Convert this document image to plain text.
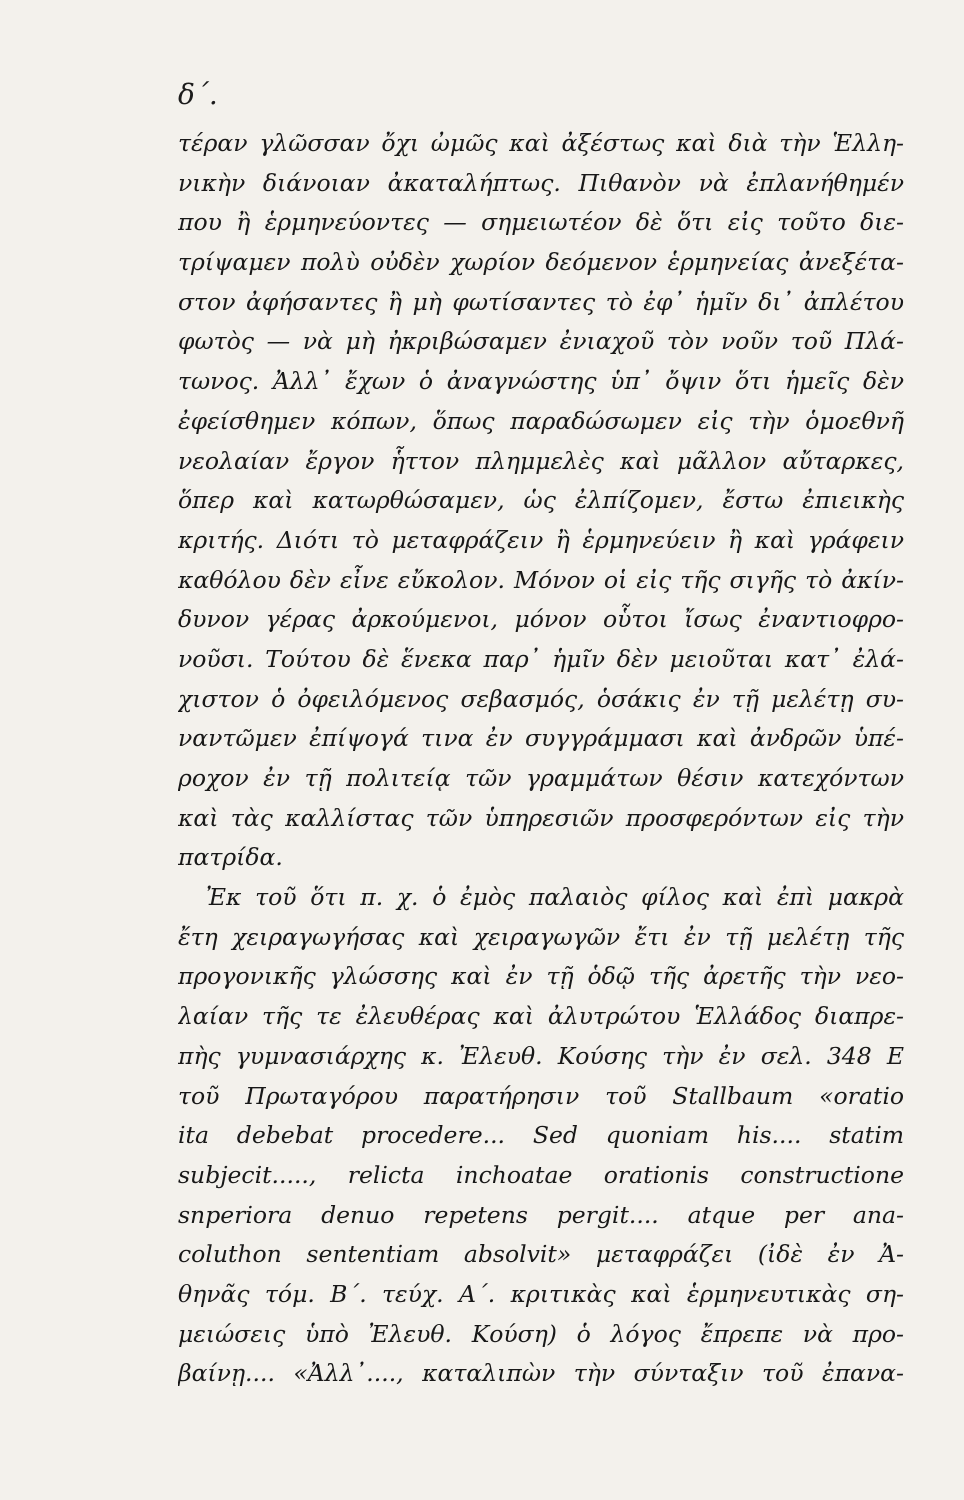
δ΄.

τέραν γλῶσσαν ὄχι ὠμῶς καὶ ἀξέστως καὶ διὰ τὴν Ἑλλη-
νικὴν διάνοιαν ἀκαταλήπτως. Πιθανὸν νὰ ἐπλανήθημέν
που ἢ ἑρμηνεύοντες — σημειωτέον δὲ ὅτι εἰς τοῦτο διε-
τρίψαμεν πολὺ οὐδὲν χωρίον δεόμενον ἑρμηνείας ἀνεξέτα-
στον ἀφήσαντες ἢ μὴ φωτίσαντες τὸ ἐφ᾽ ἡμῖν δι᾽ ἀπλέτου
φωτὸς — νὰ μὴ ἠκριβώσαμεν ἐνιαχοῦ τὸν νοῦν τοῦ Πλά-
τωνος. Ἀλλ᾽ ἔχων ὁ ἀναγνώστης ὑπ᾽ ὄψιν ὅτι ἡμεῖς δὲν
ἐφείσθημεν κόπων, ὅπως παραδώσωμεν εἰς τὴν ὁμοεθνῆ
νεολαίαν ἔργον ἧττον πλημμελὲς καὶ μᾶλλον αὔταρκες,
ὅπερ καὶ κατωρθώσαμεν, ὡς ἐλπίζομεν, ἔστω ἐπιεικὴς
κριτής. Διότι τὸ μεταφράζειν ἢ ἑρμηνεύειν ἢ καὶ γράφειν
καθόλου δὲν εἶνε εὔκολον. Μόνον οἱ εἰς τῆς σιγῆς τὸ ἀκίν-
δυνον γέρας ἀρκούμενοι, μόνον οὗτοι ἴσως ἐναντιοφρο-
νοῦσι. Τούτου δὲ ἕνεκα παρ᾽ ἡμῖν δὲν μειοῦται κατ᾽ ἐλά-
χιστον ὁ ὀφειλόμενος σεβασμός, ὁσάκις ἐν τῇ μελέτῃ συ-
ναντῶμεν ἐπίψογά τινα ἐν συγγράμμασι καὶ ἀνδρῶν ὑπέ-
ροχον ἐν τῇ πολιτείᾳ τῶν γραμμάτων θέσιν κατεχόντων
καὶ τὰς καλλίστας τῶν ὑπηρεσιῶν προσφερόντων εἰς τὴν
πατρίδα.
Ἐκ τοῦ ὅτι π. χ. ὁ ἐμὸς παλαιὸς φίλος καὶ ἐπὶ μακρὰ
ἔτη χειραγωγήσας καὶ χειραγωγῶν ἔτι ἐν τῇ μελέτῃ τῆς
προγονικῆς γλώσσης καὶ ἐν τῇ ὁδῷ τῆς ἀρετῆς τὴν νεο-
λαίαν τῆς τε ἐλευθέρας καὶ ἀλυτρώτου Ἑλλάδος διαπρε-
πὴς γυμνασιάρχης κ. Ἐλευθ. Κούσης τὴν ἐν σελ. 348 Ε
τοῦ Πρωταγόρου παρατήρησιν τοῦ Stallbaum «oratio
ita debebat procedere... Sed quoniam his.... statim
subjecit....., relicta inchoatae orationis constructione
snperiora denuo repetens pergit.... atque per ana-
coluthon sententiam absolvit» μεταφράζει (ἰδὲ ἐν Ἀ-
θηνᾶς τόμ. Β΄. τεύχ. Α΄. κριτικὰς καὶ ἑρμηνευτικὰς ση-
μειώσεις ὑπὸ Ἐλευθ. Κούση) ὁ λόγος ἔπρεπε νὰ προ-
βαίνῃ.... «Ἀλλ᾽...., καταλιπὼν τὴν σύνταξιν τοῦ ἐπανα-
